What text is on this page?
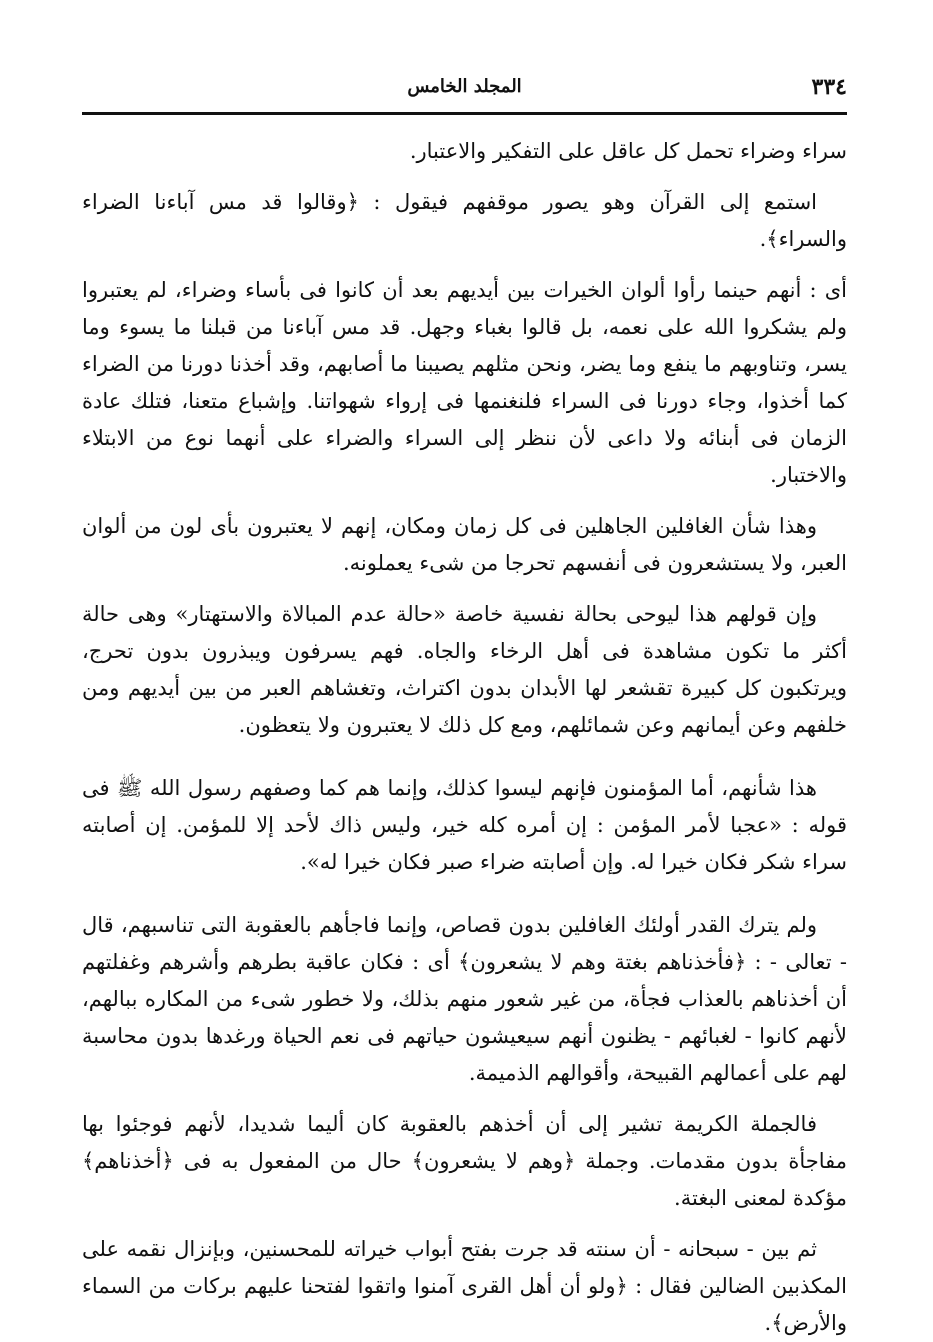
٣٣٤
المجلد الخامس

سراء وضراء تحمل كل عاقل على التفكير والاعتبار.

استمع إلى القرآن وهو يصور موقفهم فيقول : ﴿وقالوا قد مس آباءنا الضراء والسراء﴾.

أى : أنهم حينما رأوا ألوان الخيرات بين أيديهم بعد أن كانوا فى بأساء وضراء، لم يعتبروا ولم يشكروا الله على نعمه، بل قالوا بغباء وجهل. قد مس آباءنا من قبلنا ما يسوء وما يسر، وتناوبهم ما ينفع وما يضر، ونحن مثلهم يصيبنا ما أصابهم، وقد أخذنا دورنا من الضراء كما أخذوا، وجاء دورنا فى السراء فلنغنمها فى إرواء شهواتنا. وإشباع متعنا، فتلك عادة الزمان فى أبنائه ولا داعى لأن ننظر إلى السراء والضراء على أنهما نوع من الابتلاء والاختبار.

وهذا شأن الغافلين الجاهلين فى كل زمان ومكان، إنهم لا يعتبرون بأى لون من ألوان العبر، ولا يستشعرون فى أنفسهم تحرجا من شىء يعملونه.

وإن قولهم هذا ليوحى بحالة نفسية خاصة «حالة عدم المبالاة والاستهتار» وهى حالة أكثر ما تكون مشاهدة فى أهل الرخاء والجاه. فهم يسرفون ويبذرون بدون تحرج، ويرتكبون كل كبيرة تقشعر لها الأبدان بدون اكتراث، وتغشاهم العبر من بين أيديهم ومن خلفهم وعن أيمانهم وعن شمائلهم، ومع كل ذلك لا يعتبرون ولا يتعظون.

هذا شأنهم، أما المؤمنون فإنهم ليسوا كذلك، وإنما هم كما وصفهم رسول الله ﷺ فى قوله : «عجبا لأمر المؤمن : إن أمره كله خير، وليس ذاك لأحد إلا للمؤمن. إن أصابته سراء شكر فكان خيرا له. وإن أصابته ضراء صبر فكان خيرا له».

ولم يترك القدر أولئك الغافلين بدون قصاص، وإنما فاجأهم بالعقوبة التى تناسبهم، قال - تعالى - : ﴿فأخذناهم بغتة وهم لا يشعرون﴾ أى : فكان عاقبة بطرهم وأشرهم وغفلتهم أن أخذناهم بالعذاب فجأة، من غير شعور منهم بذلك، ولا خطور شىء من المكاره ببالهم، لأنهم كانوا - لغبائهم - يظنون أنهم سيعيشون حياتهم فى نعم الحياة ورغدها بدون محاسبة لهم على أعمالهم القبيحة، وأقوالهم الذميمة.

فالجملة الكريمة تشير إلى أن أخذهم بالعقوبة كان أليما شديدا، لأنهم فوجئوا بها مفاجأة بدون مقدمات. وجملة ﴿وهم لا يشعرون﴾ حال من المفعول به فى ﴿أخذناهم﴾ مؤكدة لمعنى البغتة.

ثم بين - سبحانه - أن سنته قد جرت بفتح أبواب خيراته للمحسنين، وبإنزال نقمه على المكذبين الضالين فقال : ﴿ولو أن أهل القرى آمنوا واتقوا لفتحنا عليهم بركات من السماء والأرض﴾.
